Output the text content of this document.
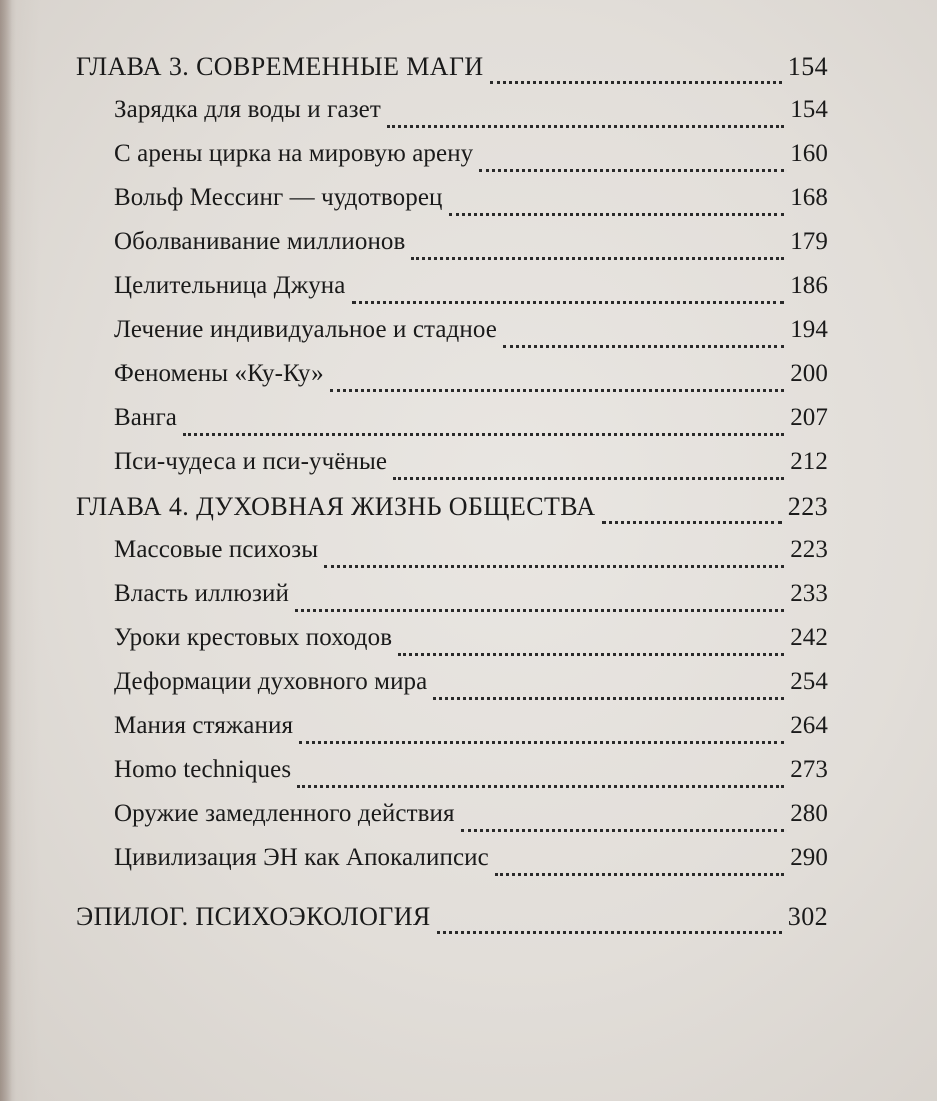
ГЛАВА 3. СОВРЕМЕННЫЕ МАГИ	154
Зарядка для воды и газет	154
С арены цирка на мировую арену	160
Вольф Мессинг — чудотворец	168
Оболванивание миллионов	179
Целительница Джуна	186
Лечение индивидуальное и стадное	194
Феномены «Ку-Ку»	200
Ванга	207
Пси-чудеса и пси-учёные	212
ГЛАВА 4. ДУХОВНАЯ ЖИЗНЬ ОБЩЕСТВА	223
Массовые психозы	223
Власть иллюзий	233
Уроки крестовых походов	242
Деформации духовного мира	254
Мания стяжания	264
Homo techniques	273
Оружие замедленного действия	280
Цивилизация ЭН как Апокалипсис	290
ЭПИЛОГ. ПСИХОЭКОЛОГИЯ	302
